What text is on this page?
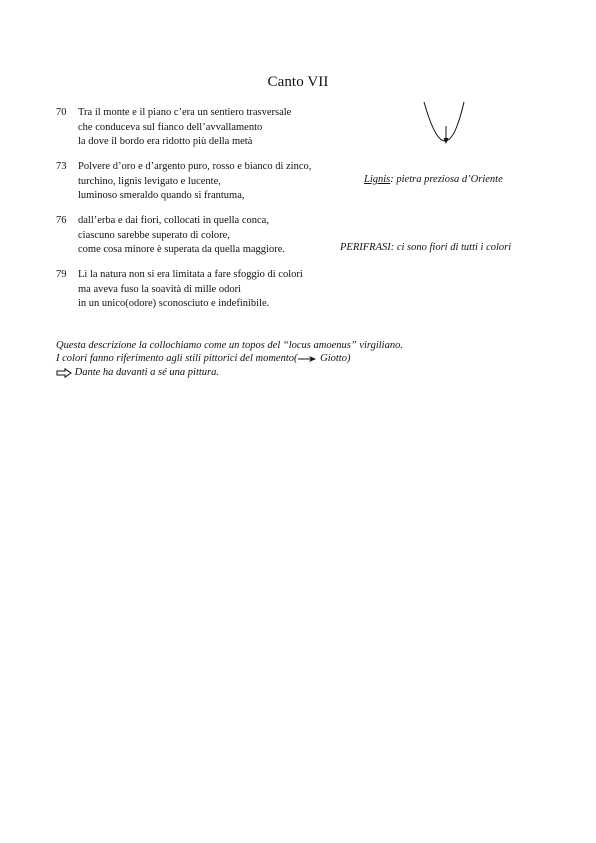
Canto VII
70	Tra il monte e il piano c’era un sentiero trasversale
che conduceva sul fianco dell’avvallamento
la dove il bordo era ridotto più della metà
73	Polvere d’oro e d’argento puro, rosso e bianco di zinco,
turchino, lignis levigato e lucente,
luminoso smeraldo quando si frantuma,
Lignis: pietra preziosa d’Oriente
76	dall’erba e dai fiori, collocati in quella conca,
ciascuno sarebbe superato di colore,
come cosa minore è superata da quella maggiore.	PERIFRASI: ci sono fiori di tutti i colori
79	Lì la natura non si era limitata a fare sfoggio di colori
ma aveva fuso la soavità di mille odori
in un unico(odore) sconosciuto e indefinibile.
Questa descrizione la collochiamo come un topos del “locus amoenus” virgiliano.
I colori fanno riferimento agli stili pittorici del momento( Giotto)
Dante ha davanti a sé una pittura.
